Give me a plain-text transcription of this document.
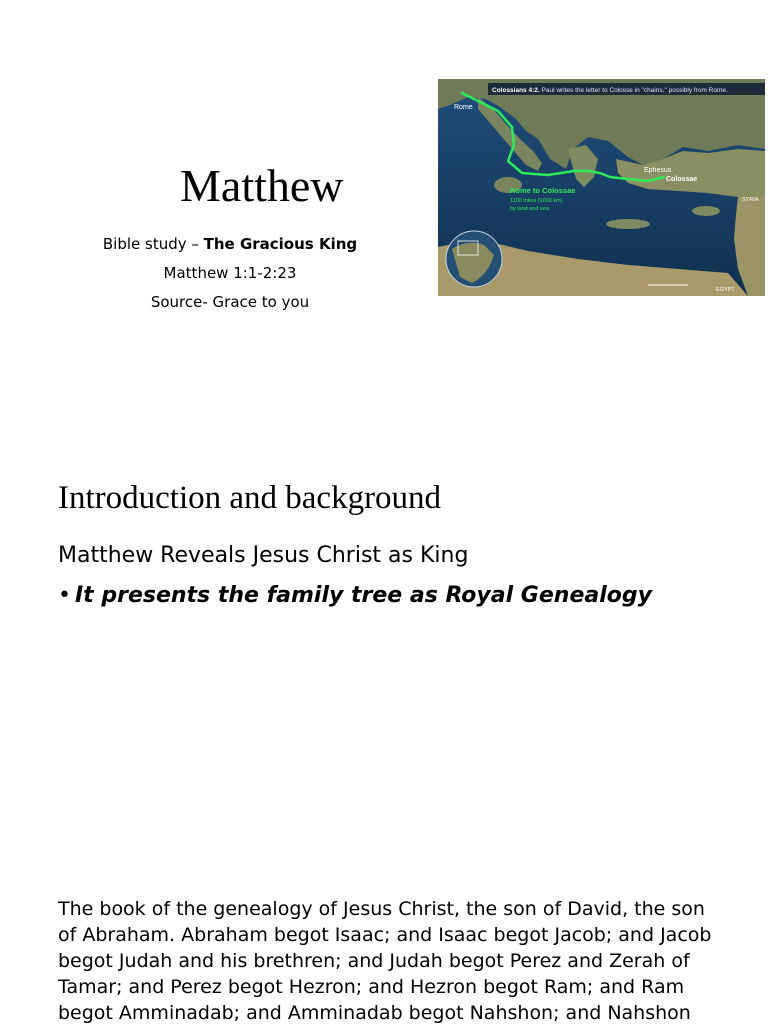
Matthew
Bible study – The Gracious King
Matthew 1:1-2:23
Source- Grace to you
Colossians 4:2. Paul writes the letter to Colosse in "chains," possibly from Rome.
Rome
Ephesus
Colossae
SYRIA
EGYPT
Rome to Colossae
1100 miles (1000 km)
by land and sea
Introduction and background
Matthew Reveals Jesus Christ as King
• It presents the family tree as Royal Genealogy
The book of the genealogy of Jesus Christ, the son of David, the son
of Abraham. Abraham begot Isaac; and Isaac begot Jacob; and Jacob
begot Judah and his brethren; and Judah begot Perez and Zerah of
Tamar; and Perez begot Hezron; and Hezron begot Ram; and Ram
begot Amminadab; and Amminadab begot Nahshon; and Nahshon
